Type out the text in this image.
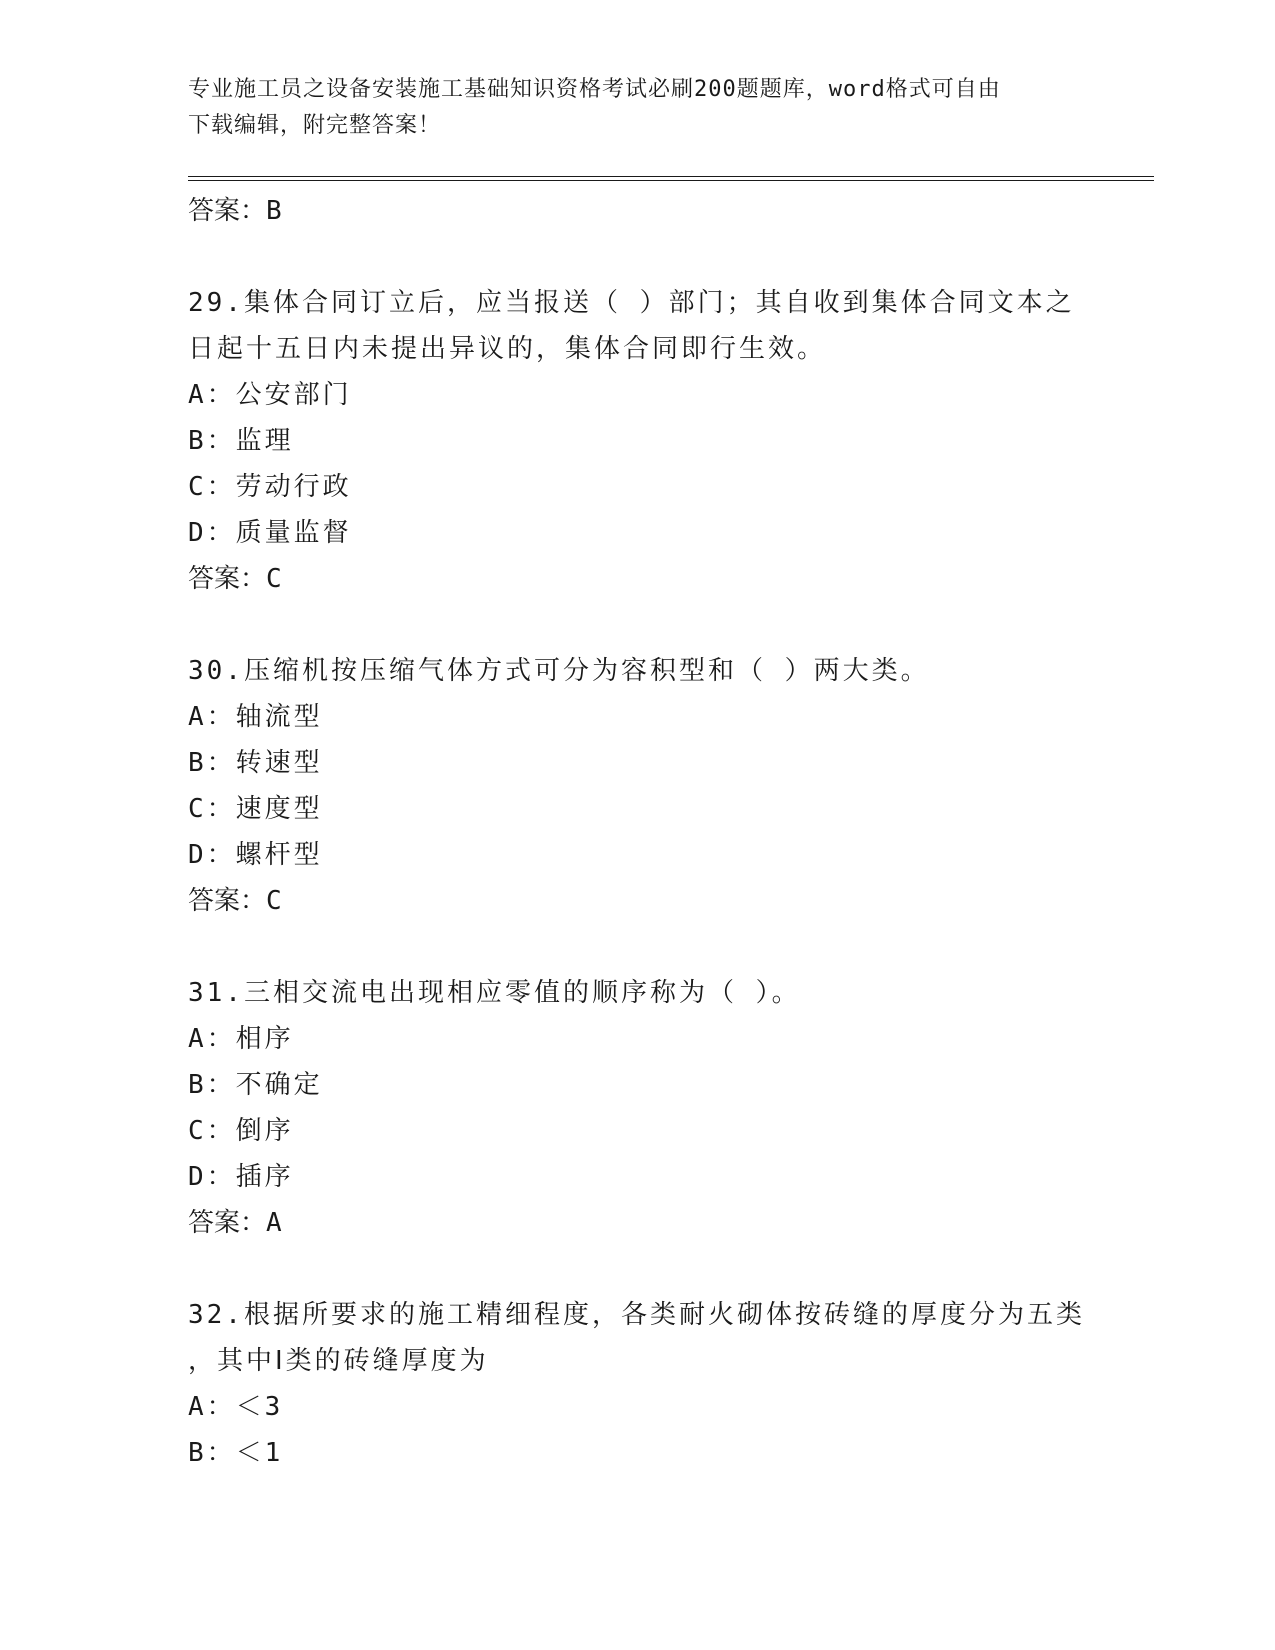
专业施工员之设备安装施工基础知识资格考试必刷200题题库，word格式可自由
下载编辑，附完整答案！
答案：B
29.集体合同订立后，应当报送（ ）部门；其自收到集体合同文本之
日起十五日内未提出异议的，集体合同即行生效。
A：公安部门
B：监理
C：劳动行政
D：质量监督
答案：C
30.压缩机按压缩气体方式可分为容积型和（ ）两大类。
A：轴流型
B：转速型
C：速度型
D：螺杆型
答案：C
31.三相交流电出现相应零值的顺序称为（ ）。
A：相序
B：不确定
C：倒序
D：插序
答案：A
32.根据所要求的施工精细程度，各类耐火砌体按砖缝的厚度分为五类
，其中Ⅰ类的砖缝厚度为
A：＜3
B：＜1
